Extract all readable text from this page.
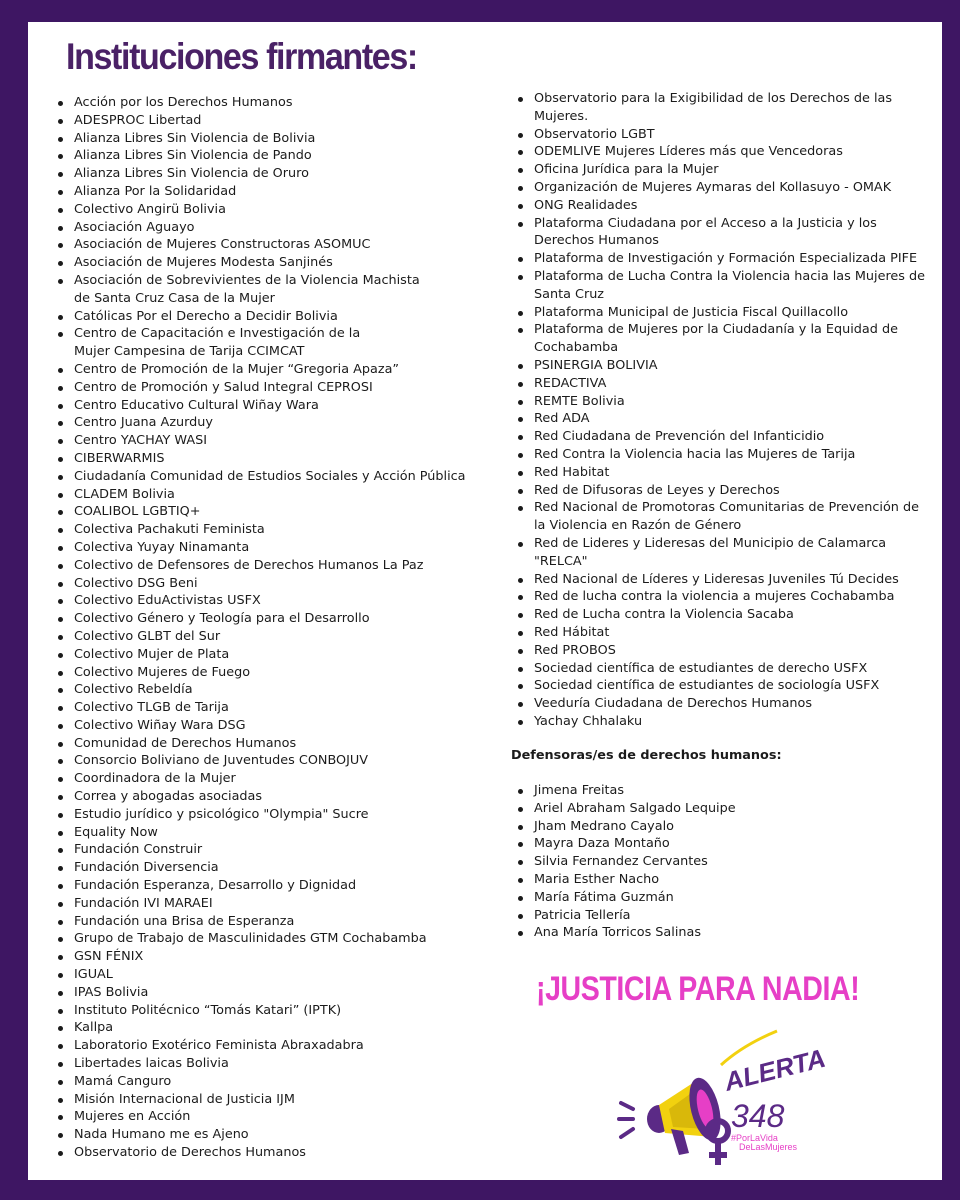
Instituciones firmantes:
Acción por los Derechos Humanos
ADESPROC Libertad
Alianza Libres Sin Violencia de Bolivia
Alianza Libres Sin Violencia de Pando
Alianza Libres Sin Violencia de Oruro
Alianza Por la Solidaridad
Colectivo Angirü Bolivia
Asociación Aguayo
Asociación de Mujeres Constructoras ASOMUC
Asociación de Mujeres Modesta Sanjinés
Asociación de Sobrevivientes de la Violencia Machista
de Santa Cruz Casa de la Mujer
Católicas Por el Derecho a Decidir Bolivia
Centro de Capacitación e Investigación de la
Mujer Campesina de Tarija CCIMCAT
Centro de Promoción de la Mujer “Gregoria Apaza”
Centro de Promoción y Salud Integral CEPROSI
Centro Educativo Cultural Wiñay Wara
Centro Juana Azurduy
Centro YACHAY WASI
CIBERWARMIS
Ciudadanía Comunidad de Estudios Sociales y Acción Pública
CLADEM Bolivia
COALIBOL LGBTIQ+
Colectiva Pachakuti Feminista
Colectiva Yuyay Ninamanta
Colectivo de Defensores de Derechos Humanos La Paz
Colectivo DSG Beni
Colectivo EduActivistas USFX
Colectivo Género y Teología para el Desarrollo
Colectivo GLBT del Sur
Colectivo Mujer de Plata
Colectivo Mujeres de Fuego
Colectivo Rebeldía
Colectivo TLGB de Tarija
Colectivo Wiñay Wara DSG
Comunidad de Derechos Humanos
Consorcio Boliviano de Juventudes CONBOJUV
Coordinadora de la Mujer
Correa y abogadas asociadas
Estudio jurídico y psicológico "Olympia" Sucre
Equality Now
Fundación Construir
Fundación Diversencia
Fundación Esperanza, Desarrollo y Dignidad
Fundación IVI MARAEI
Fundación una Brisa de Esperanza
Grupo de Trabajo de Masculinidades GTM Cochabamba
GSN FÉNIX
IGUAL
IPAS Bolivia
Instituto Politécnico “Tomás Katari” (IPTK)
Kallpa
Laboratorio Exotérico Feminista Abraxadabra
Libertades laicas Bolivia
Mamá Canguro
Misión Internacional de Justicia IJM
Mujeres en Acción
Nada Humano me es Ajeno
Observatorio de Derechos Humanos
Observatorio para la Exigibilidad de los Derechos de las
Mujeres.
Observatorio LGBT
ODEMLIVE Mujeres Líderes más que Vencedoras
Oficina Jurídica para la Mujer
Organización de Mujeres Aymaras del Kollasuyo - OMAK
ONG Realidades
Plataforma Ciudadana por el Acceso a la Justicia y los
Derechos Humanos
Plataforma de Investigación y Formación Especializada PIFE
Plataforma de Lucha Contra la Violencia hacia las Mujeres de
Santa Cruz
Plataforma Municipal de Justicia Fiscal Quillacollo
Plataforma de Mujeres por la Ciudadanía y la Equidad de
Cochabamba
PSINERGIA BOLIVIA
REDACTIVA
REMTE Bolivia
Red ADA
Red Ciudadana de Prevención del Infanticidio
Red Contra la Violencia hacia las Mujeres de Tarija
Red Habitat
Red de Difusoras de Leyes y Derechos
Red Nacional de Promotoras Comunitarias de Prevención de
la Violencia en Razón de Género
Red de Lideres y Lideresas del Municipio de Calamarca
"RELCA"
Red Nacional de Líderes y Lideresas Juveniles Tú Decides
Red de lucha contra la violencia a mujeres Cochabamba
Red de Lucha contra la Violencia Sacaba
Red Hábitat
Red PROBOS
Sociedad científica de estudiantes de derecho USFX
Sociedad científica de estudiantes de sociología USFX
Veeduría Ciudadana de Derechos Humanos
Yachay Chhalaku

Defensoras/es de derechos humanos:

Jimena Freitas
Ariel Abraham Salgado Lequipe
Jham Medrano Cayalo
Mayra Daza Montaño
Silvia Fernandez Cervantes
Maria Esther Nacho
María Fátima Guzmán
Patricia Tellería
Ana María Torricos Salinas

¡JUSTICIA PARA NADIA!

ALERTA
348
#PorLaVida
DeLasMujeres
